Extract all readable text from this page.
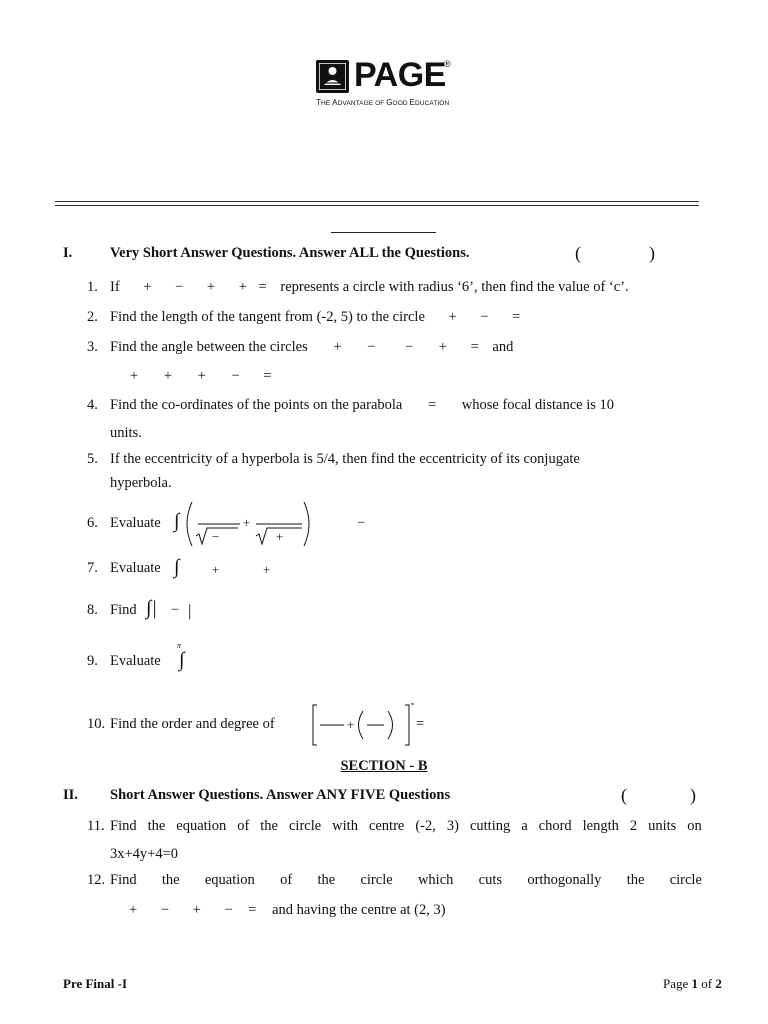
PAGE
®
THE ADVANTAGE OF GOOD EDUCATION
I.	Very Short Answer Questions. Answer ALL the Questions.	(	)
1. If + − + + = represents a circle with radius ‘6’, then find the value of ‘c’.
2. Find the length of the tangent from (-2, 5) to the circle + − =
3. Find the angle between the circles + − − + = and
+ + + − =
4. Find the co-ordinates of the points on the parabola = whose focal distance is 10
units.
5. If the eccentricity of a hyperbola is 5/4, then find the eccentricity of its conjugate
hyperbola.
6. Evaluate ∫
−
+
+
−
7. Evaluate ∫	+	+
8. Find ∫| − |
9. Evaluate
π
∫
10. Find the order and degree of	+	=
SECTION - B
II. Short Answer Questions. Answer ANY FIVE Questions	(	)
11. Find the equation of the circle with centre (-2, 3) cutting a chord length 2 units on
3x+4y+4=0
12. Find the equation of the circle which cuts orthogonally the circle
+ − + − = and having the centre at (2, 3)
Pre Final -I	Page 1 of 2
